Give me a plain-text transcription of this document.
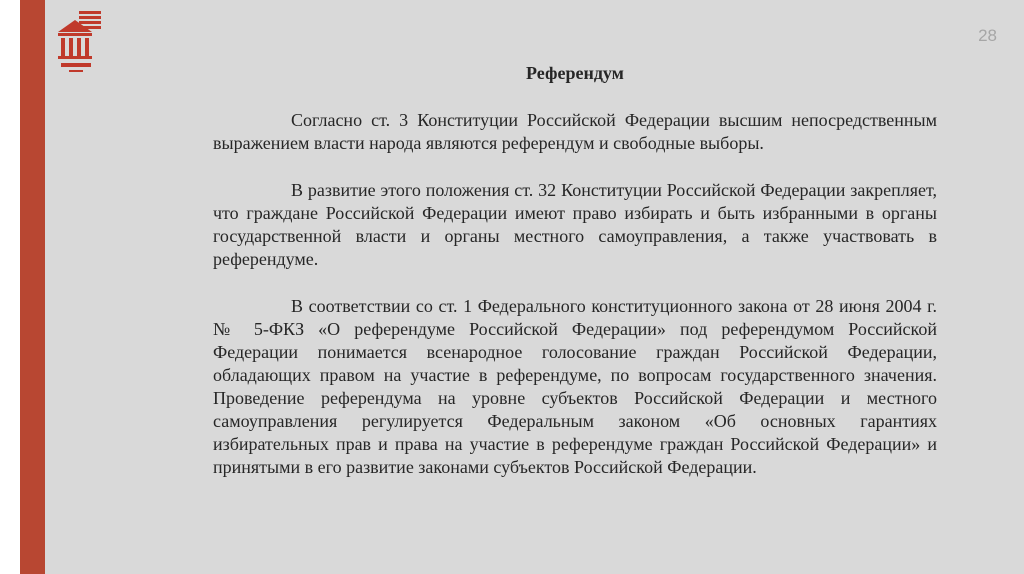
28
Референдум

Согласно ст. 3 Конституции Российской Федерации высшим непосредственным выражением власти народа являются референдум и свободные выборы.

В развитие этого положения ст. 32 Конституции Российской Федерации закрепляет, что граждане Российской Федерации имеют право избирать и быть избранными в органы государственной власти и органы местного самоуправления, а также участвовать в референдуме.

В соответствии со ст. 1 Федерального конституционного закона от 28 июня 2004 г. № 5-ФКЗ «О референдуме Российской Федерации» под референдумом Российской Федерации понимается всенародное голосование граждан Российской Федерации, обладающих правом на участие в референдуме, по вопросам государственного значения. Проведение референдума на уровне субъектов Российской Федерации и местного самоуправления регулируется Федеральным законом «Об основных гарантиях избирательных прав и права на участие в референдуме граждан Российской Федерации» и принятыми в его развитие законами субъектов Российской Федерации.
